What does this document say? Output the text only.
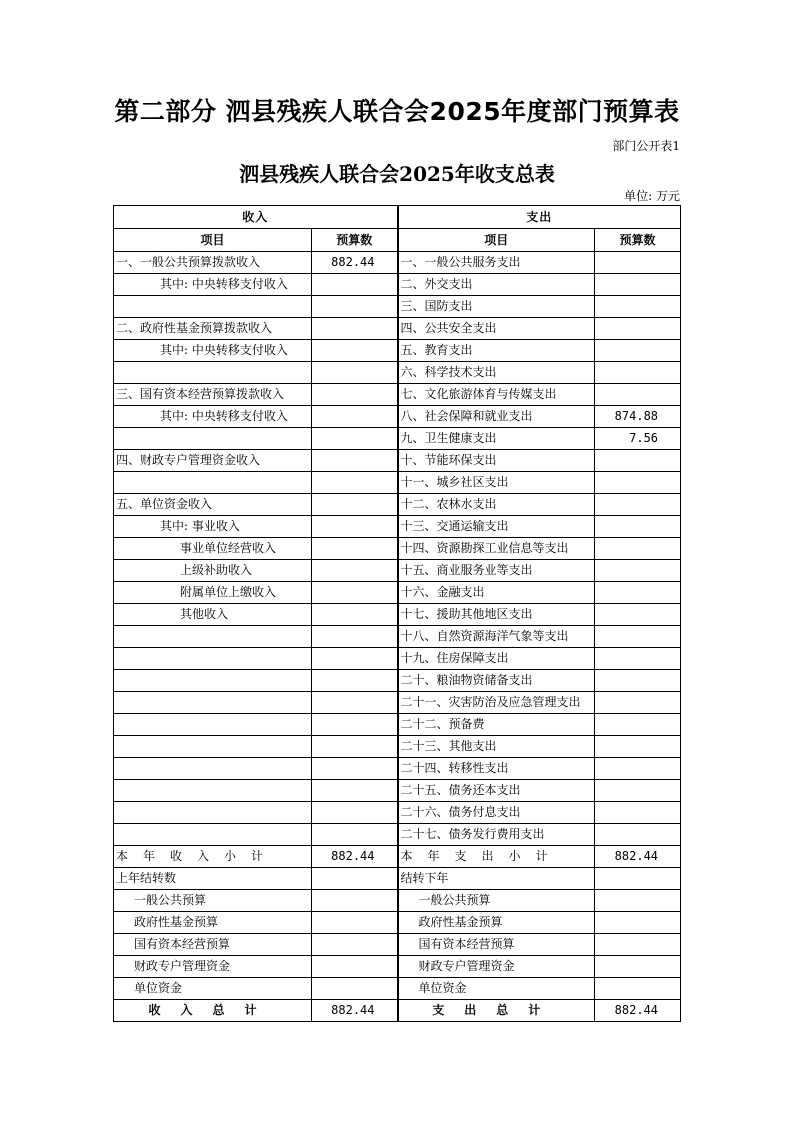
第二部分 泗县残疾人联合会2025年度部门预算表
部门公开表1
泗县残疾人联合会2025年收支总表
单位: 万元
收入		支出	
项目	预算数	项目	预算数
一、一般公共预算拨款收入	882.44	一、一般公共服务支出	
其中: 中央转移支付收入		二、外交支出	
		三、国防支出	
二、政府性基金预算拨款收入		四、公共安全支出	
其中: 中央转移支付收入		五、教育支出	
		六、科学技术支出	
三、国有资本经营预算拨款收入		七、文化旅游体育与传媒支出	
其中: 中央转移支付收入		八、社会保障和就业支出	874.88
		九、卫生健康支出	7.56
四、财政专户管理资金收入		十、节能环保支出	
		十一、城乡社区支出	
五、单位资金收入		十二、农林水支出	
其中: 事业收入		十三、交通运输支出	
事业单位经营收入		十四、资源勘探工业信息等支出	
上级补助收入		十五、商业服务业等支出	
附属单位上缴收入		十六、金融支出	
其他收入		十七、援助其他地区支出	
		十八、自然资源海洋气象等支出	
		十九、住房保障支出	
		二十、粮油物资储备支出	
		二十一、灾害防治及应急管理支出	
		二十二、预备费	
		二十三、其他支出	
		二十四、转移性支出	
		二十五、债务还本支出	
		二十六、债务付息支出	
		二十七、债务发行费用支出	
本年收入小计	882.44	本年支出小计	882.44
上年结转数		结转下年	
一般公共预算		一般公共预算	
政府性基金预算		政府性基金预算	
国有资本经营预算		国有资本经营预算	
财政专户管理资金		财政专户管理资金	
单位资金		单位资金	
收入总计	882.44	支出总计	882.44
